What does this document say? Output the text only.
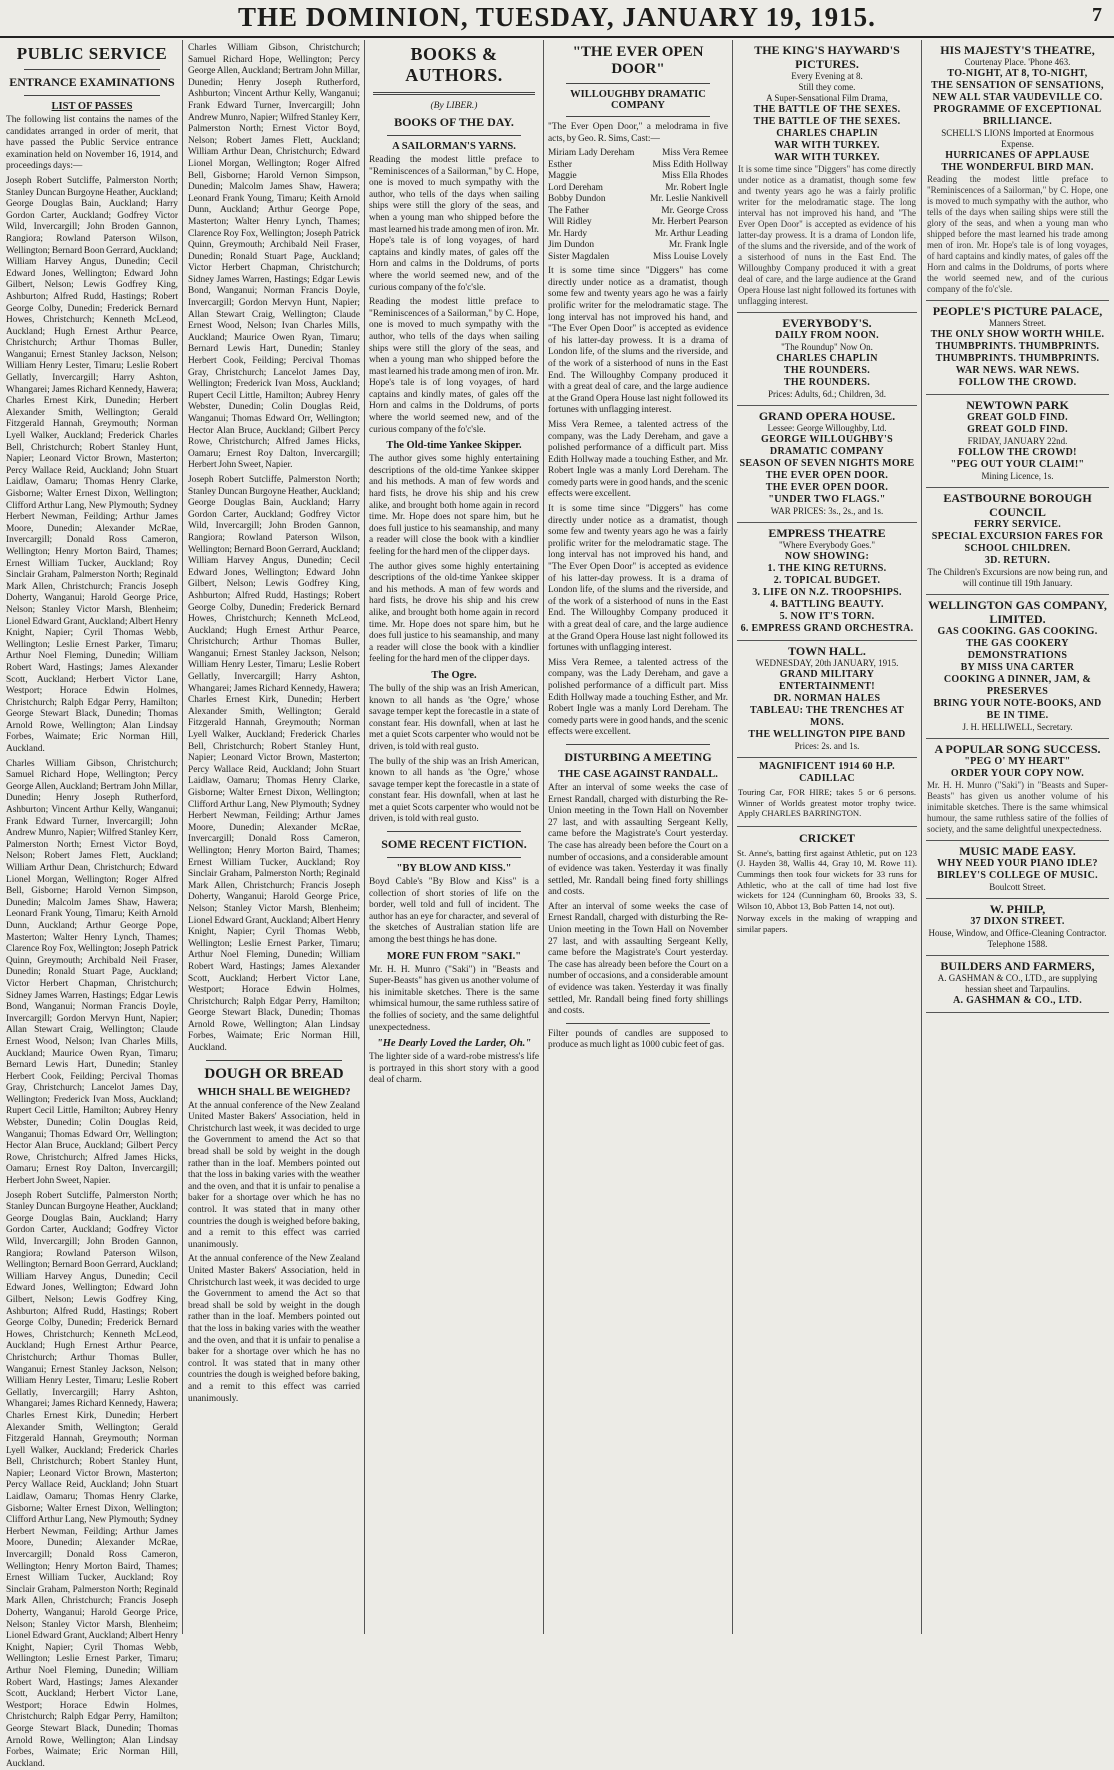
THE DOMINION, TUESDAY, JANUARY 19, 1915.	7
PUBLIC SERVICE
ENTRANCE EXAMINATIONS
LIST OF PASSES

The following list contains the names of the candidates arranged in order of merit, that have passed the Public Service entrance examination held on November 16, 1914, and proceedings days:—

Joseph Robert Sutcliffe, Palmerston North; Stanley Duncan Burgoyne Heather, Auckland; George Douglas Bain, Auckland; Harry Gordon Carter, Auckland; Godfrey Victor Wild, Invercargill; John Broden Gannon, Rangiora; Rowland Paterson Wilson, Wellington; Bernard Boon Gerrard, Auckland; William Harvey Angus, Dunedin; Cecil Edward Jones, Wellington; Edward John Gilbert, Nelson; Lewis Godfrey King, Ashburton; Alfred Rudd, Hastings; Robert George Colby, Dunedin; Frederick Bernard Howes, Christchurch; Kenneth McLeod, Auckland; Hugh Ernest Arthur Pearce, Christchurch; Arthur Thomas Buller, Wanganui; Ernest Stanley Jackson, Nelson; William Henry Lester, Timaru; Leslie Robert Gellatly, Invercargill; Harry Ashton, Whangarei; James Richard Kennedy, Hawera; Charles Ernest Kirk, Dunedin; Herbert Alexander Smith, Wellington; Gerald Fitzgerald Hannah, Greymouth; Norman Lyell Walker, Auckland; Frederick Charles Bell, Christchurch; Robert Stanley Hunt, Napier; Leonard Victor Brown, Masterton; Percy Wallace Reid, Auckland; John Stuart Laidlaw, Oamaru; Thomas Henry Clarke, Gisborne; Walter Ernest Dixon, Wellington; Clifford Arthur Lang, New Plymouth; Sydney Herbert Newman, Feilding; Arthur James Moore, Dunedin; Alexander McRae, Invercargill; Donald Ross Cameron, Wellington; Henry Morton Baird, Thames; Ernest William Tucker, Auckland; Roy Sinclair Graham, Palmerston North; Reginald Mark Allen, Christchurch; Francis Joseph Doherty, Wanganui; Harold George Price, Nelson; Stanley Victor Marsh, Blenheim; Lionel Edward Grant, Auckland; Albert Henry Knight, Napier; Cyril Thomas Webb, Wellington; Leslie Ernest Parker, Timaru; Arthur Noel Fleming, Dunedin; William Robert Ward, Hastings; James Alexander Scott, Auckland; Herbert Victor Lane, Westport; Horace Edwin Holmes, Christchurch; Ralph Edgar Perry, Hamilton; George Stewart Black, Dunedin; Thomas Arnold Rowe, Wellington; Alan Lindsay Forbes, Waimate; Eric Norman Hill, Auckland.

Charles William Gibson, Christchurch; Samuel Richard Hope, Wellington; Percy George Allen, Auckland; Bertram John Millar, Dunedin; Henry Joseph Rutherford, Ashburton; Vincent Arthur Kelly, Wanganui; Frank Edward Turner, Invercargill; John Andrew Munro, Napier; Wilfred Stanley Kerr, Palmerston North; Ernest Victor Boyd, Nelson; Robert James Flett, Auckland; William Arthur Dean, Christchurch; Edward Lionel Morgan, Wellington; Roger Alfred Bell, Gisborne; Harold Vernon Simpson, Dunedin; Malcolm James Shaw, Hawera; Leonard Frank Young, Timaru; Keith Arnold Dunn, Auckland; Arthur George Pope, Masterton; Walter Henry Lynch, Thames; Clarence Roy Fox, Wellington; Joseph Patrick Quinn, Greymouth; Archibald Neil Fraser, Dunedin; Ronald Stuart Page, Auckland; Victor Herbert Chapman, Christchurch; Sidney James Warren, Hastings; Edgar Lewis Bond, Wanganui; Norman Francis Doyle, Invercargill; Gordon Mervyn Hunt, Napier; Allan Stewart Craig, Wellington; Claude Ernest Wood, Nelson; Ivan Charles Mills, Auckland; Maurice Owen Ryan, Timaru; Bernard Lewis Hart, Dunedin; Stanley Herbert Cook, Feilding; Percival Thomas Gray, Christchurch; Lancelot James Day, Wellington; Frederick Ivan Moss, Auckland; Rupert Cecil Little, Hamilton; Aubrey Henry Webster, Dunedin; Colin Douglas Reid, Wanganui; Thomas Edward Orr, Wellington; Hector Alan Bruce, Auckland; Gilbert Percy Rowe, Christchurch; Alfred James Hicks, Oamaru; Ernest Roy Dalton, Invercargill; Herbert John Sweet, Napier.

Joseph Robert Sutcliffe, Palmerston North; Stanley Duncan Burgoyne Heather, Auckland; George Douglas Bain, Auckland; Harry Gordon Carter, Auckland; Godfrey Victor Wild, Invercargill; John Broden Gannon, Rangiora; Rowland Paterson Wilson, Wellington; Bernard Boon Gerrard, Auckland; William Harvey Angus, Dunedin; Cecil Edward Jones, Wellington; Edward John Gilbert, Nelson; Lewis Godfrey King, Ashburton; Alfred Rudd, Hastings; Robert George Colby, Dunedin; Frederick Bernard Howes, Christchurch; Kenneth McLeod, Auckland; Hugh Ernest Arthur Pearce, Christchurch; Arthur Thomas Buller, Wanganui; Ernest Stanley Jackson, Nelson; William Henry Lester, Timaru; Leslie Robert Gellatly, Invercargill; Harry Ashton, Whangarei; James Richard Kennedy, Hawera; Charles Ernest Kirk, Dunedin; Herbert Alexander Smith, Wellington; Gerald Fitzgerald Hannah, Greymouth; Norman Lyell Walker, Auckland; Frederick Charles Bell, Christchurch; Robert Stanley Hunt, Napier; Leonard Victor Brown, Masterton; Percy Wallace Reid, Auckland; John Stuart Laidlaw, Oamaru; Thomas Henry Clarke, Gisborne; Walter Ernest Dixon, Wellington; Clifford Arthur Lang, New Plymouth; Sydney Herbert Newman, Feilding; Arthur James Moore, Dunedin; Alexander McRae, Invercargill; Donald Ross Cameron, Wellington; Henry Morton Baird, Thames; Ernest William Tucker, Auckland; Roy Sinclair Graham, Palmerston North; Reginald Mark Allen, Christchurch; Francis Joseph Doherty, Wanganui; Harold George Price, Nelson; Stanley Victor Marsh, Blenheim; Lionel Edward Grant, Auckland; Albert Henry Knight, Napier; Cyril Thomas Webb, Wellington; Leslie Ernest Parker, Timaru; Arthur Noel Fleming, Dunedin; William Robert Ward, Hastings; James Alexander Scott, Auckland; Herbert Victor Lane, Westport; Horace Edwin Holmes, Christchurch; Ralph Edgar Perry, Hamilton; George Stewart Black, Dunedin; Thomas Arnold Rowe, Wellington; Alan Lindsay Forbes, Waimate; Eric Norman Hill, Auckland.

Charles William Gibson, Christchurch; Samuel Richard Hope, Wellington; Percy George Allen, Auckland; Bertram John Millar, Dunedin; Henry Joseph Rutherford, Ashburton; Vincent Arthur Kelly, Wanganui; Frank Edward Turner, Invercargill; John Andrew Munro, Napier; Wilfred Stanley Kerr, Palmerston North; Ernest Victor Boyd, Nelson; Robert James Flett, Auckland; William Arthur Dean, Christchurch; Edward Lionel Morgan, Wellington; Roger Alfred Bell, Gisborne; Harold Vernon Simpson, Dunedin; Malcolm James Shaw, Hawera; Leonard Frank Young, Timaru; Keith Arnold Dunn, Auckland; Arthur George Pope, Masterton; Walter Henry Lynch, Thames; Clarence Roy Fox, Wellington; Joseph Patrick Quinn, Greymouth; Archibald Neil Fraser, Dunedin; Ronald Stuart Page, Auckland; Victor Herbert Chapman, Christchurch; Sidney James Warren, Hastings; Edgar Lewis Bond, Wanganui; Norman Francis Doyle, Invercargill; Gordon Mervyn Hunt, Napier; Allan Stewart Craig, Wellington; Claude Ernest Wood, Nelson; Ivan Charles Mills, Auckland; Maurice Owen Ryan, Timaru; Bernard Lewis Hart, Dunedin; Stanley Herbert Cook, Feilding; Percival Thomas Gray, Christchurch; Lancelot James Day, Wellington; Frederick Ivan Moss, Auckland; Rupert Cecil Little, Hamilton; Aubrey Henry Webster, Dunedin; Colin Douglas Reid, Wanganui; Thomas Edward Orr, Wellington; Hector Alan Bruce, Auckland; Gilbert Percy Rowe, Christchurch; Alfred James Hicks, Oamaru; Ernest Roy Dalton, Invercargill; Herbert John Sweet, Napier.

Joseph Robert Sutcliffe, Palmerston North; Stanley Duncan Burgoyne Heather, Auckland; George Douglas Bain, Auckland; Harry Gordon Carter, Auckland; Godfrey Victor Wild, Invercargill; John Broden Gannon, Rangiora; Rowland Paterson Wilson, Wellington; Bernard Boon Gerrard, Auckland; William Harvey Angus, Dunedin; Cecil Edward Jones, Wellington; Edward John Gilbert, Nelson; Lewis Godfrey King, Ashburton; Alfred Rudd, Hastings; Robert George Colby, Dunedin; Frederick Bernard Howes, Christchurch; Kenneth McLeod, Auckland; Hugh Ernest Arthur Pearce, Christchurch; Arthur Thomas Buller, Wanganui; Ernest Stanley Jackson, Nelson; William Henry Lester, Timaru; Leslie Robert Gellatly, Invercargill; Harry Ashton, Whangarei; James Richard Kennedy, Hawera; Charles Ernest Kirk, Dunedin; Herbert Alexander Smith, Wellington; Gerald Fitzgerald Hannah, Greymouth; Norman Lyell Walker, Auckland; Frederick Charles Bell, Christchurch; Robert Stanley Hunt, Napier; Leonard Victor Brown, Masterton; Percy Wallace Reid, Auckland; John Stuart Laidlaw, Oamaru; Thomas Henry Clarke, Gisborne; Walter Ernest Dixon, Wellington; Clifford Arthur Lang, New Plymouth; Sydney Herbert Newman, Feilding; Arthur James Moore, Dunedin; Alexander McRae, Invercargill; Donald Ross Cameron, Wellington; Henry Morton Baird, Thames; Ernest William Tucker, Auckland; Roy Sinclair Graham, Palmerston North; Reginald Mark Allen, Christchurch; Francis Joseph Doherty, Wanganui; Harold George Price, Nelson; Stanley Victor Marsh, Blenheim; Lionel Edward Grant, Auckland; Albert Henry Knight, Napier; Cyril Thomas Webb, Wellington; Leslie Ernest Parker, Timaru; Arthur Noel Fleming, Dunedin; William Robert Ward, Hastings; James Alexander Scott, Auckland; Herbert Victor Lane, Westport; Horace Edwin Holmes, Christchurch; Ralph Edgar Perry, Hamilton; George Stewart Black, Dunedin; Thomas Arnold Rowe, Wellington; Alan Lindsay Forbes, Waimate; Eric Norman Hill, Auckland.

DOUGH OR BREAD
WHICH SHALL BE WEIGHED?

At the annual conference of the New Zealand United Master Bakers' Association, held in Christchurch last week, it was decided to urge the Government to amend the Act so that bread shall be sold by weight in the dough rather than in the loaf. Members pointed out that the loss in baking varies with the weather and the oven, and that it is unfair to penalise a baker for a shortage over which he has no control. It was stated that in many other countries the dough is weighed before baking, and a remit to this effect was carried unanimously.

At the annual conference of the New Zealand United Master Bakers' Association, held in Christchurch last week, it was decided to urge the Government to amend the Act so that bread shall be sold by weight in the dough rather than in the loaf. Members pointed out that the loss in baking varies with the weather and the oven, and that it is unfair to penalise a baker for a shortage over which he has no control. It was stated that in many other countries the dough is weighed before baking, and a remit to this effect was carried unanimously.

BOOKS & AUTHORS.
(By LIBER.)
BOOKS OF THE DAY.
A SAILORMAN'S YARNS.

Reading the modest little preface to "Reminiscences of a Sailorman," by C. Hope, one is moved to much sympathy with the author, who tells of the days when sailing ships were still the glory of the seas, and when a young man who shipped before the mast learned his trade among men of iron. Mr. Hope's tale is of long voyages, of hard captains and kindly mates, of gales off the Horn and calms in the Doldrums, of ports where the world seemed new, and of the curious company of the fo'c'sle.

Reading the modest little preface to "Reminiscences of a Sailorman," by C. Hope, one is moved to much sympathy with the author, who tells of the days when sailing ships were still the glory of the seas, and when a young man who shipped before the mast learned his trade among men of iron. Mr. Hope's tale is of long voyages, of hard captains and kindly mates, of gales off the Horn and calms in the Doldrums, of ports where the world seemed new, and of the curious company of the fo'c'sle.

The Old-time Yankee Skipper.

The author gives some highly entertaining descriptions of the old-time Yankee skipper and his methods. A man of few words and hard fists, he drove his ship and his crew alike, and brought both home again in record time. Mr. Hope does not spare him, but he does full justice to his seamanship, and many a reader will close the book with a kindlier feeling for the hard men of the clipper days.

The author gives some highly entertaining descriptions of the old-time Yankee skipper and his methods. A man of few words and hard fists, he drove his ship and his crew alike, and brought both home again in record time. Mr. Hope does not spare him, but he does full justice to his seamanship, and many a reader will close the book with a kindlier feeling for the hard men of the clipper days.

The Ogre.

The bully of the ship was an Irish American, known to all hands as 'the Ogre,' whose savage temper kept the forecastle in a state of constant fear. His downfall, when at last he met a quiet Scots carpenter who would not be driven, is told with real gusto.

The bully of the ship was an Irish American, known to all hands as 'the Ogre,' whose savage temper kept the forecastle in a state of constant fear. His downfall, when at last he met a quiet Scots carpenter who would not be driven, is told with real gusto.

SOME RECENT FICTION.
"BY BLOW AND KISS."

Boyd Cable's "By Blow and Kiss" is a collection of short stories of life on the border, well told and full of incident. The author has an eye for character, and several of the sketches of Australian station life are among the best things he has done.

MORE FUN FROM "SAKI."

Mr. H. H. Munro ("Saki") in "Beasts and Super-Beasts" has given us another volume of his inimitable sketches. There is the same whimsical humour, the same ruthless satire of the follies of society, and the same delightful unexpectedness.

"He Dearly Loved the Larder, Oh."

The lighter side of a ward-robe mistress's life is portrayed in this short story with a good deal of charm.

"THE EVER OPEN DOOR"
WILLOUGHBY DRAMATIC COMPANY

"The Ever Open Door," a melodrama in five acts, by Geo. R. Sims, Cast:—

Miriam Lady Dereham	Miss Vera Remee
Esther	Miss Edith Hollway
Maggie	Miss Ella Rhodes
Lord Dereham	Mr. Robert Ingle
Bobby Dundon	Mr. Leslie Nankivell
The Father	Mr. George Cross
Will Ridley	Mr. Herbert Pearson
Mr. Hardy	Mr. Arthur Leading
Jim Dundon	Mr. Frank Ingle
Sister Magdalen	Miss Louise Lovely

It is some time since "Diggers" has come directly under notice as a dramatist, though some few and twenty years ago he was a fairly prolific writer for the melodramatic stage. The long interval has not improved his hand, and "The Ever Open Door" is accepted as evidence of his latter-day prowess. It is a drama of London life, of the slums and the riverside, and of the work of a sisterhood of nuns in the East End. The Willoughby Company produced it with a great deal of care, and the large audience at the Grand Opera House last night followed its fortunes with unflagging interest.

Miss Vera Remee, a talented actress of the company, was the Lady Dereham, and gave a polished performance of a difficult part. Miss Edith Hollway made a touching Esther, and Mr. Robert Ingle was a manly Lord Dereham. The comedy parts were in good hands, and the scenic effects were excellent.

It is some time since "Diggers" has come directly under notice as a dramatist, though some few and twenty years ago he was a fairly prolific writer for the melodramatic stage. The long interval has not improved his hand, and "The Ever Open Door" is accepted as evidence of his latter-day prowess. It is a drama of London life, of the slums and the riverside, and of the work of a sisterhood of nuns in the East End. The Willoughby Company produced it with a great deal of care, and the large audience at the Grand Opera House last night followed its fortunes with unflagging interest.

Miss Vera Remee, a talented actress of the company, was the Lady Dereham, and gave a polished performance of a difficult part. Miss Edith Hollway made a touching Esther, and Mr. Robert Ingle was a manly Lord Dereham. The comedy parts were in good hands, and the scenic effects were excellent.

DISTURBING A MEETING
THE CASE AGAINST RANDALL.

After an interval of some weeks the case of Ernest Randall, charged with disturbing the Re-Union meeting in the Town Hall on November 27 last, and with assaulting Sergeant Kelly, came before the Magistrate's Court yesterday. The case has already been before the Court on a number of occasions, and a considerable amount of evidence was taken. Yesterday it was finally settled, Mr. Randall being fined forty shillings and costs.

After an interval of some weeks the case of Ernest Randall, charged with disturbing the Re-Union meeting in the Town Hall on November 27 last, and with assaulting Sergeant Kelly, came before the Magistrate's Court yesterday. The case has already been before the Court on a number of occasions, and a considerable amount of evidence was taken. Yesterday it was finally settled, Mr. Randall being fined forty shillings and costs.

Filter pounds of candles are supposed to produce as much light as 1000 cubic feet of gas.

THE KING'S HAYWARD'S PICTURES.
Every Evening at 8.
Still they come.
A Super-Sensational Film Drama,
THE BATTLE OF THE SEXES.
THE BATTLE OF THE SEXES.
CHARLES CHAPLIN
WAR WITH TURKEY.
WAR WITH TURKEY.
It is some time since "Diggers" has come directly under notice as a dramatist, though some few and twenty years ago he was a fairly prolific writer for the melodramatic stage. The long interval has not improved his hand, and "The Ever Open Door" is accepted as evidence of his latter-day prowess. It is a drama of London life, of the slums and the riverside, and of the work of a sisterhood of nuns in the East End. The Willoughby Company produced it with a great deal of care, and the large audience at the Grand Opera House last night followed its fortunes with unflagging interest.
EVERYBODY'S.
DAILY FROM NOON.
"The Roundup" Now On.
CHARLES CHAPLIN
THE ROUNDERS.
THE ROUNDERS.
Prices: Adults, 6d.; Children, 3d.
GRAND OPERA HOUSE.
Lessee: George Willoughby, Ltd.
GEORGE WILLOUGHBY'S DRAMATIC COMPANY
SEASON OF SEVEN NIGHTS MORE
THE EVER OPEN DOOR.
THE EVER OPEN DOOR.
"UNDER TWO FLAGS."
WAR PRICES: 3s., 2s., and 1s.
EMPRESS THEATRE
"Where Everybody Goes."
NOW SHOWING:
1. THE KING RETURNS.
2. TOPICAL BUDGET.
3. LIFE ON N.Z. TROOPSHIPS.
4. BATTLING BEAUTY.
5. NOW IT'S TORN.
6. EMPRESS GRAND ORCHESTRA.
TOWN HALL.
WEDNESDAY, 20th JANUARY, 1915.
GRAND MILITARY ENTERTAINMENT!
DR. NORMAN HALES
TABLEAU: THE TRENCHES AT MONS.
THE WELLINGTON PIPE BAND
Prices: 2s. and 1s.
MAGNIFICENT 1914 60 H.P. CADILLAC
Touring Car, FOR HIRE; takes 5 or 6 persons. Winner of Worlds greatest motor trophy twice. Apply CHARLES BARRINGTON.
CRICKET

St. Anne's, batting first against Athletic, put on 123 (J. Hayden 38, Wallis 44, Gray 10, M. Rowe 11). Cummings then took four wickets for 33 runs for Athletic, who at the call of time had lost five wickets for 124 (Cunningham 60, Brooks 33, S. Wilson 10, Abbot 13, Bob Patten 14, not out).

Norway excels in the making of wrapping and similar papers.

HIS MAJESTY'S THEATRE,
Courtenay Place. 'Phone 463.
TO-NIGHT, AT 8, TO-NIGHT,
THE SENSATION OF SENSATIONS,
NEW ALL STAR VAUDEVILLE CO.
PROGRAMME OF EXCEPTIONAL BRILLIANCE.
SCHELL'S LIONS Imported at Enormous Expense.
HURRICANES OF APPLAUSE
THE WONDERFUL BIRD MAN.
Reading the modest little preface to "Reminiscences of a Sailorman," by C. Hope, one is moved to much sympathy with the author, who tells of the days when sailing ships were still the glory of the seas, and when a young man who shipped before the mast learned his trade among men of iron. Mr. Hope's tale is of long voyages, of hard captains and kindly mates, of gales off the Horn and calms in the Doldrums, of ports where the world seemed new, and of the curious company of the fo'c'sle.
PEOPLE'S PICTURE PALACE,
Manners Street.
THE ONLY SHOW WORTH WHILE.
THUMBPRINTS. THUMBPRINTS.
THUMBPRINTS. THUMBPRINTS.
WAR NEWS. WAR NEWS.
FOLLOW THE CROWD.
NEWTOWN PARK
GREAT GOLD FIND.
GREAT GOLD FIND.
FRIDAY, JANUARY 22nd.
FOLLOW THE CROWD!
"PEG OUT YOUR CLAIM!"
Mining Licence, 1s.
EASTBOURNE BOROUGH COUNCIL
FERRY SERVICE.
SPECIAL EXCURSION FARES FOR SCHOOL CHILDREN.
3D. RETURN.
The Children's Excursions are now being run, and will continue till 19th January.
WELLINGTON GAS COMPANY, LIMITED.
GAS COOKING. GAS COOKING.
THE GAS COOKERY DEMONSTRATIONS
BY MISS UNA CARTER
COOKING A DINNER, JAM, & PRESERVES
BRING YOUR NOTE-BOOKS, AND BE IN TIME.
J. H. HELLIWELL, Secretary.
A POPULAR SONG SUCCESS.
"PEG O' MY HEART"
ORDER YOUR COPY NOW.
Mr. H. H. Munro ("Saki") in "Beasts and Super-Beasts" has given us another volume of his inimitable sketches. There is the same whimsical humour, the same ruthless satire of the follies of society, and the same delightful unexpectedness.
MUSIC MADE EASY.
WHY NEED YOUR PIANO IDLE?
BIRLEY'S COLLEGE OF MUSIC.
Boulcott Street.
W. PHILP,
37 DIXON STREET.
House, Window, and Office-Cleaning Contractor.
Telephone 1588.
BUILDERS AND FARMERS,
A. GASHMAN & CO., LTD., are supplying hessian sheet and Tarpaulins.
A. GASHMAN & CO., LTD.
